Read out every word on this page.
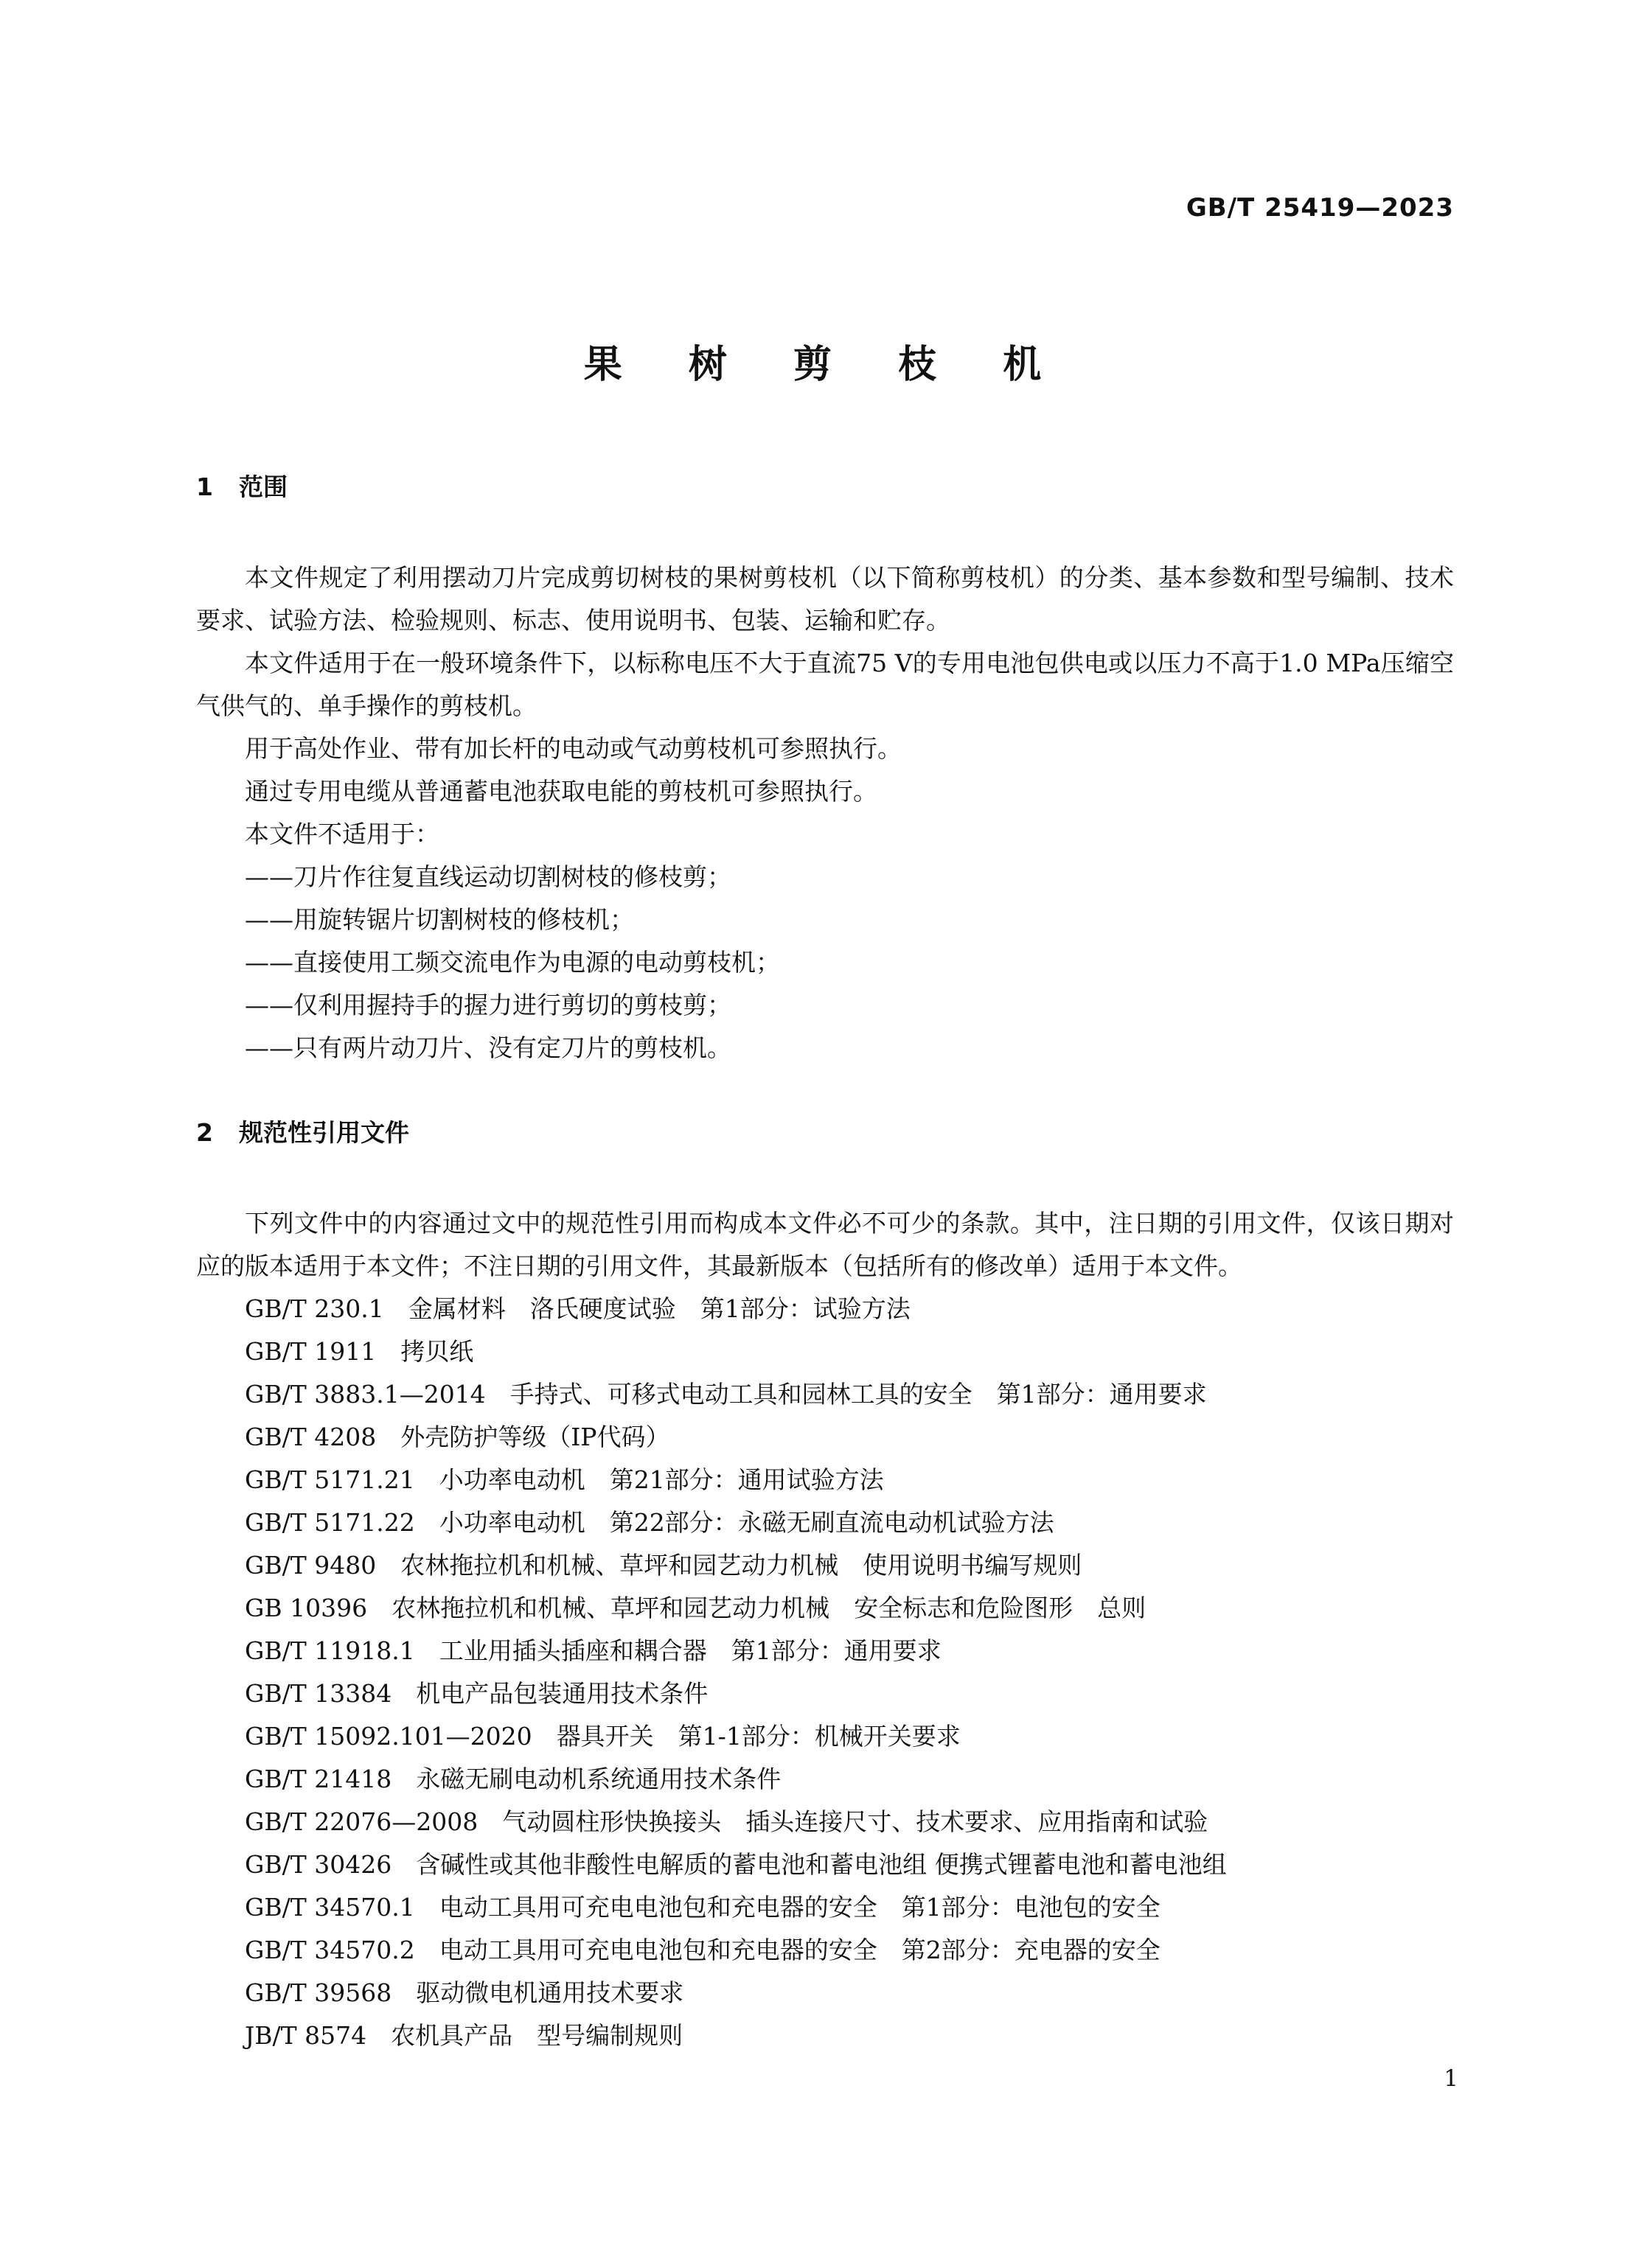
GB/T 25419—2023
果 树 剪 枝 机
1 范围
本文件规定了利用摆动刀片完成剪切树枝的果树剪枝机（以下简称剪枝机）的分类、基本参数和型号编制、技术要求、试验方法、检验规则、标志、使用说明书、包装、运输和贮存。
本文件适用于在一般环境条件下，以标称电压不大于直流75 V的专用电池包供电或以压力不高于1.0 MPa压缩空气供气的、单手操作的剪枝机。
用于高处作业、带有加长杆的电动或气动剪枝机可参照执行。
通过专用电缆从普通蓄电池获取电能的剪枝机可参照执行。
本文件不适用于：
——刀片作往复直线运动切割树枝的修枝剪；
——用旋转锯片切割树枝的修枝机；
——直接使用工频交流电作为电源的电动剪枝机；
——仅利用握持手的握力进行剪切的剪枝剪；
——只有两片动刀片、没有定刀片的剪枝机。
2 规范性引用文件
下列文件中的内容通过文中的规范性引用而构成本文件必不可少的条款。其中，注日期的引用文件，仅该日期对应的版本适用于本文件；不注日期的引用文件，其最新版本（包括所有的修改单）适用于本文件。
GB/T 230.1　金属材料　洛氏硬度试验　第1部分：试验方法
GB/T 1911　拷贝纸
GB/T 3883.1—2014　手持式、可移式电动工具和园林工具的安全　第1部分：通用要求
GB/T 4208　外壳防护等级（IP代码）
GB/T 5171.21　小功率电动机　第21部分：通用试验方法
GB/T 5171.22　小功率电动机　第22部分：永磁无刷直流电动机试验方法
GB/T 9480　农林拖拉机和机械、草坪和园艺动力机械　使用说明书编写规则
GB 10396　农林拖拉机和机械、草坪和园艺动力机械　安全标志和危险图形　总则
GB/T 11918.1　工业用插头插座和耦合器　第1部分：通用要求
GB/T 13384　机电产品包装通用技术条件
GB/T 15092.101—2020　器具开关　第1-1部分：机械开关要求
GB/T 21418　永磁无刷电动机系统通用技术条件
GB/T 22076—2008　气动圆柱形快换接头　插头连接尺寸、技术要求、应用指南和试验
GB/T 30426　含碱性或其他非酸性电解质的蓄电池和蓄电池组 便携式锂蓄电池和蓄电池组
GB/T 34570.1　电动工具用可充电电池包和充电器的安全　第1部分：电池包的安全
GB/T 34570.2　电动工具用可充电电池包和充电器的安全　第2部分：充电器的安全
GB/T 39568　驱动微电机通用技术要求
JB/T 8574　农机具产品　型号编制规则
1
